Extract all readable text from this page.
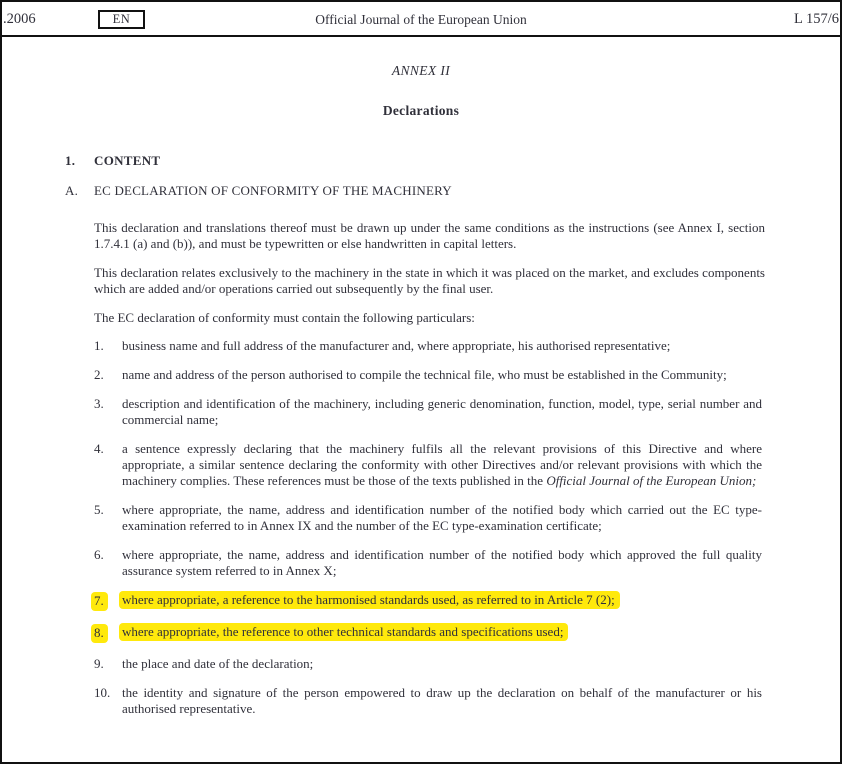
.2006	EN	Official Journal of the European Union	L 157/6
ANNEX II
Declarations
1.	CONTENT
A.	EC DECLARATION OF CONFORMITY OF THE MACHINERY

This declaration and translations thereof must be drawn up under the same conditions as the instructions (see Annex I, section 1.7.4.1 (a) and (b)), and must be typewritten or else handwritten in capital letters.

This declaration relates exclusively to the machinery in the state in which it was placed on the market, and excludes components which are added and/or operations carried out subsequently by the final user.

The EC declaration of conformity must contain the following particulars:

1.	business name and full address of the manufacturer and, where appropriate, his authorised representative;
2.	name and address of the person authorised to compile the technical file, who must be established in the Community;
3.	description and identification of the machinery, including generic denomination, function, model, type, serial number and commercial name;
4.	a sentence expressly declaring that the machinery fulfils all the relevant provisions of this Directive and where appropriate, a similar sentence declaring the conformity with other Directives and/or relevant provisions with which the machinery complies. These references must be those of the texts published in the Official Journal of the European Union;
5.	where appropriate, the name, address and identification number of the notified body which carried out the EC type-examination referred to in Annex IX and the number of the EC type-examination certificate;
6.	where appropriate, the name, address and identification number of the notified body which approved the full quality assurance system referred to in Annex X;
7.	where appropriate, a reference to the harmonised standards used, as referred to in Article 7 (2);
8.	where appropriate, the reference to other technical standards and specifications used;
9.	the place and date of the declaration;
10. the identity and signature of the person empowered to draw up the declaration on behalf of the manufacturer or his authorised representative.
